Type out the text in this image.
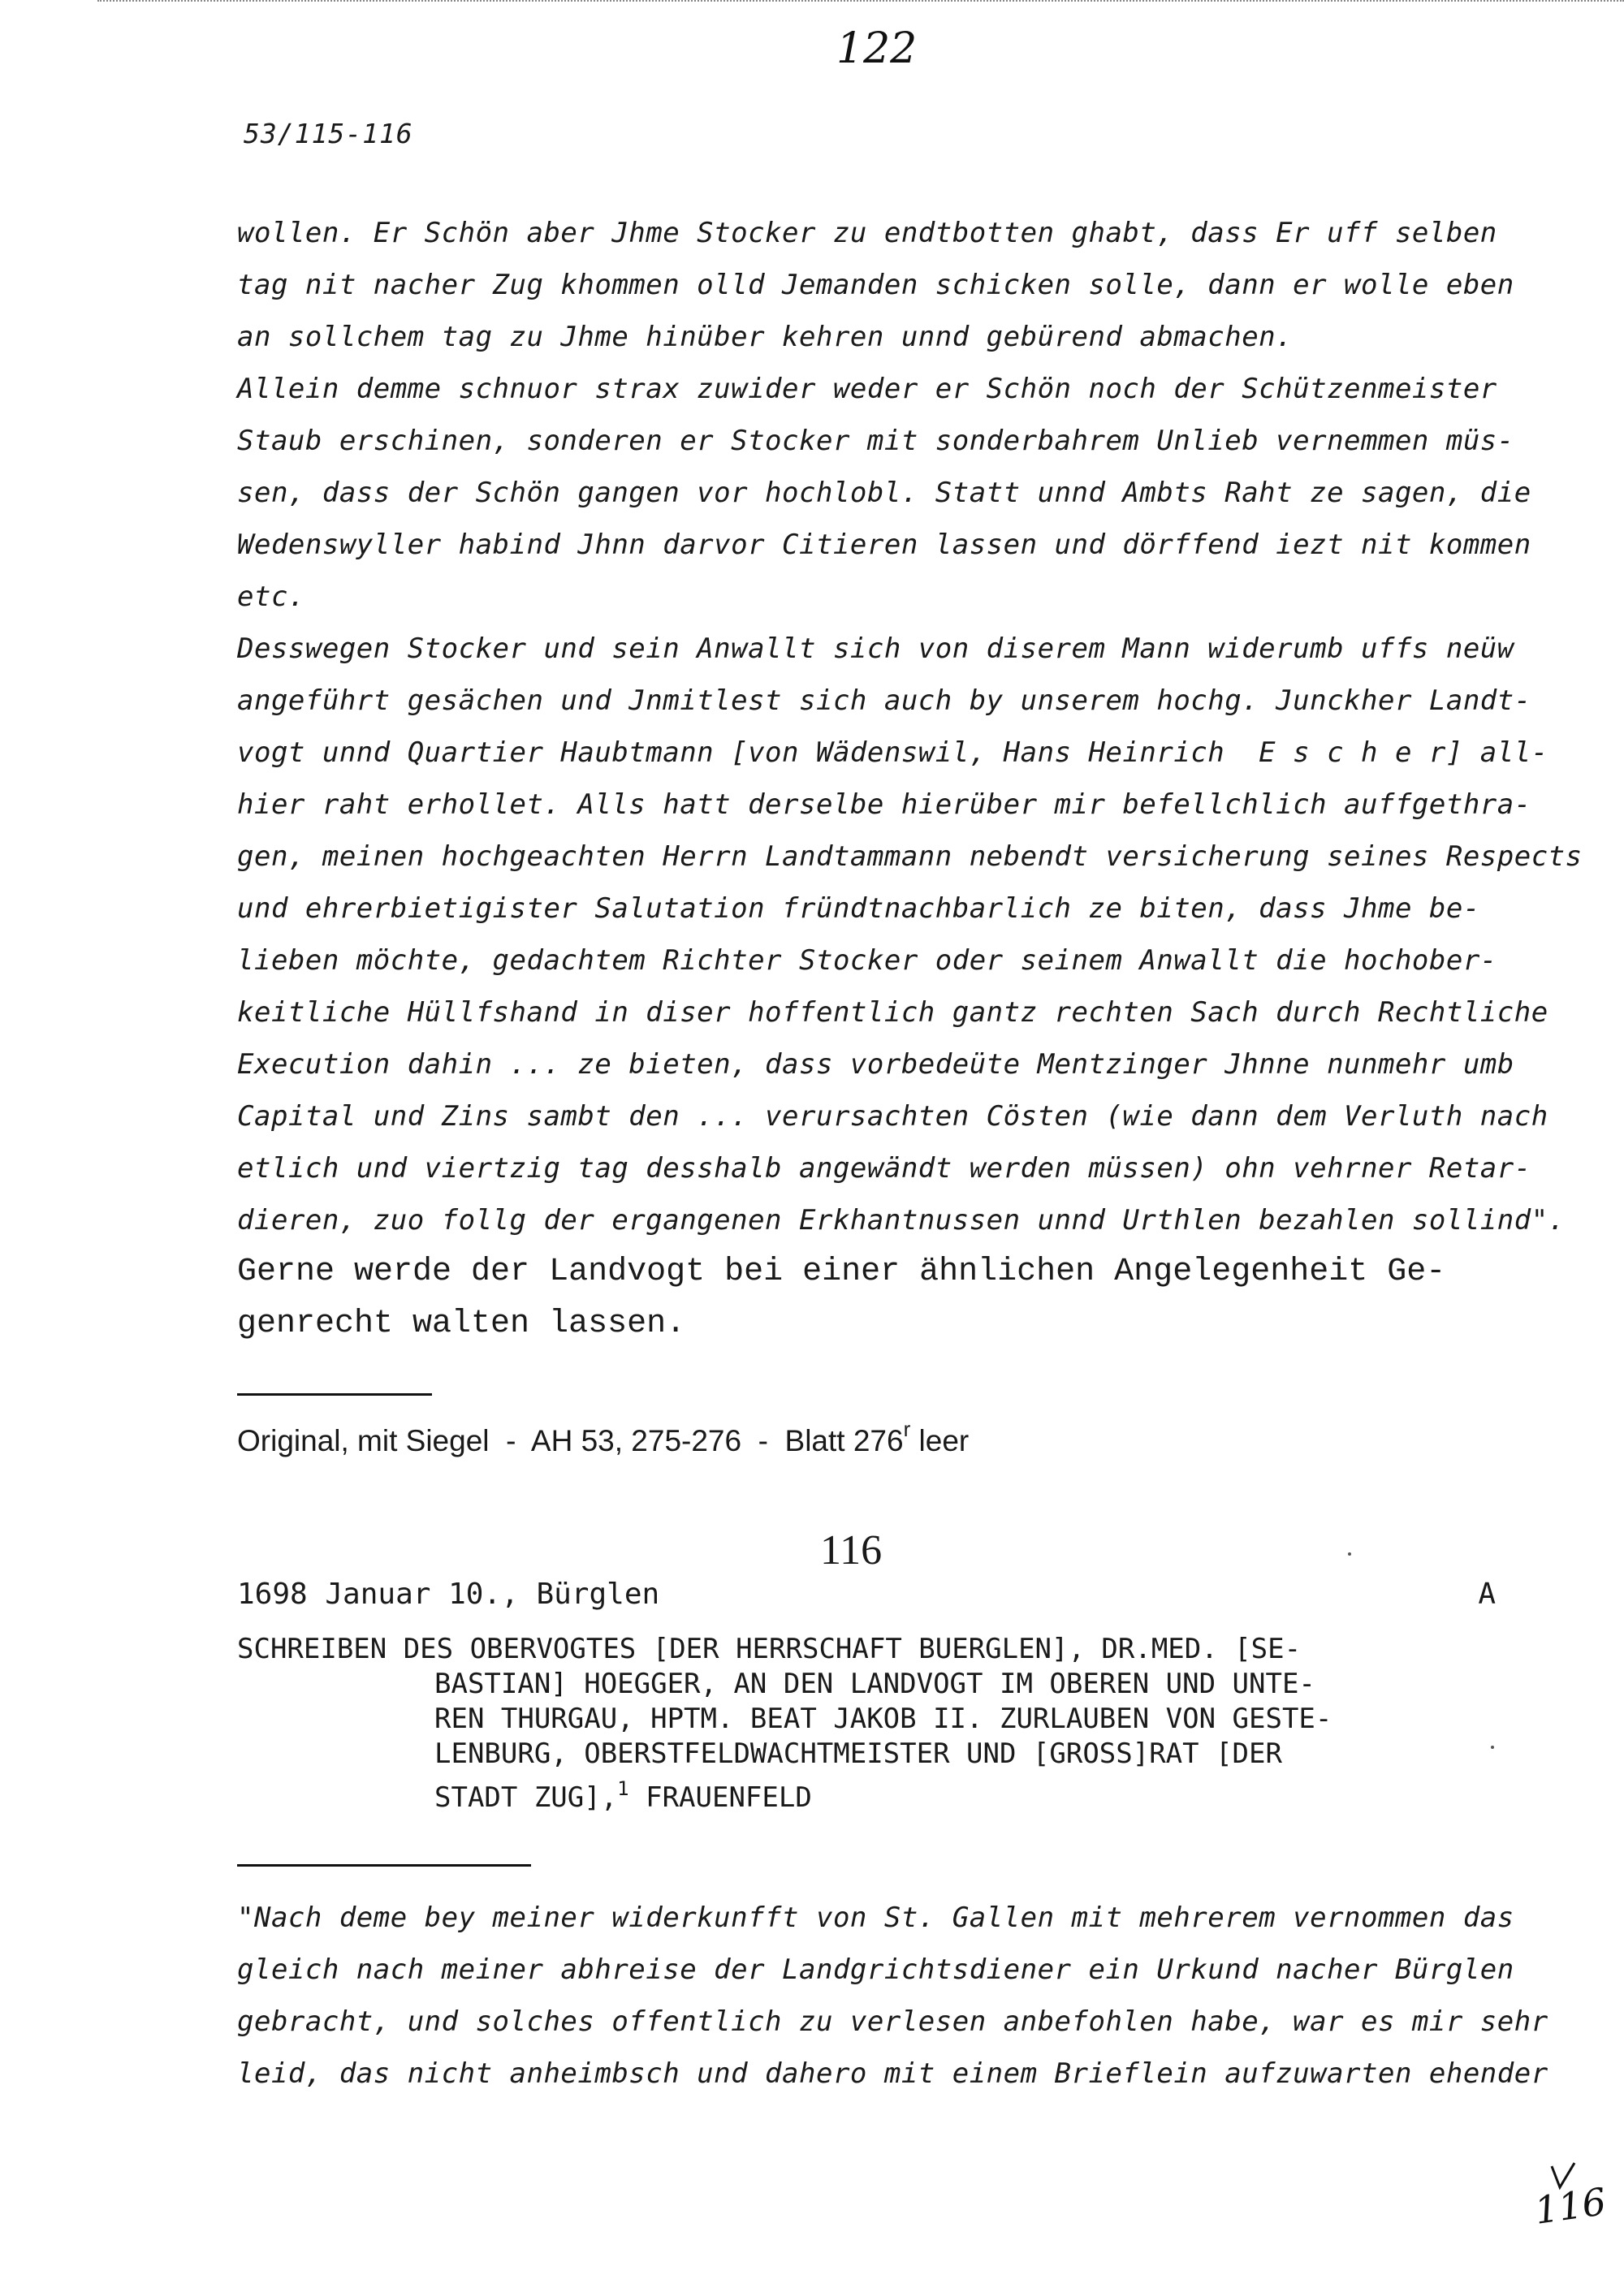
122
53/115-116
wollen. Er Schön aber Jhme Stocker zu endtbotten ghabt, dass Er uff selben
tag nit nacher Zug khommen olld Jemanden schicken solle, dann er wolle eben
an sollchem tag zu Jhme hinüber kehren unnd gebürend abmachen.
Allein demme schnuor strax zuwider weder er Schön noch der Schützenmeister
Staub erschinen, sonderen er Stocker mit sonderbahrem Unlieb vernemmen müs-
sen, dass der Schön gangen vor hochlobl. Statt unnd Ambts Raht ze sagen, die
Wedenswyller habind Jhnn darvor Citieren lassen und dörffend iezt nit kommen
etc.
Desswegen Stocker und sein Anwallt sich von diserem Mann widerumb uffs neüw
angeführt gesächen und Jnmitlest sich auch by unserem hochg. Junckher Landt-
vogt unnd Quartier Haubtmann [von Wädenswil, Hans Heinrich  E s c h e r] all-
hier raht erhollet. Alls hatt derselbe hierüber mir befellchlich auffgethra-
gen, meinen hochgeachten Herrn Landtammann nebendt versicherung seines Respects
und ehrerbietigister Salutation fründtnachbarlich ze biten, dass Jhme be-
lieben möchte, gedachtem Richter Stocker oder seinem Anwallt die hochober-
keitliche Hüllfshand in diser hoffentlich gantz rechten Sach durch Rechtliche
Execution dahin ... ze bieten, dass vorbedeüte Mentzinger Jhnne nunmehr umb
Capital und Zins sambt den ... verursachten Cösten (wie dann dem Verluth nach
etlich und viertzig tag desshalb angewändt werden müssen) ohn vehrner Retar-
dieren, zuo follg der ergangenen Erkhantnussen unnd Urthlen bezahlen sollind".
Gerne werde der Landvogt bei einer ähnlichen Angelegenheit Ge-
genrecht walten lassen.
Original, mit Siegel  -  AH 53, 275-276  -  Blatt 276$^r$ leer
116
1698 Januar 10., Bürglen	A
SCHREIBEN DES OBERVOGTES [DER HERRSCHAFT BUERGLEN], DR.MED. [SE-
BASTIAN] HOEGGER, AN DEN LANDVOGT IM OBEREN UND UNTE-
REN THURGAU, HPTM. BEAT JAKOB II. ZURLAUBEN VON GESTE-
LENBURG, OBERSTFELDWACHTMEISTER UND [GROSS]RAT [DER
STADT ZUG],$^1$ FRAUENFELD
"Nach deme bey meiner widerkunfft von St. Gallen mit mehrerem vernommen das
gleich nach meiner abhreise der Landgrichtsdiener ein Urkund nacher Bürglen
gebracht, und solches offentlich zu verlesen anbefohlen habe, war es mir sehr
leid, das nicht anheimbsch und dahero mit einem Brieflein aufzuwarten ehender
116
